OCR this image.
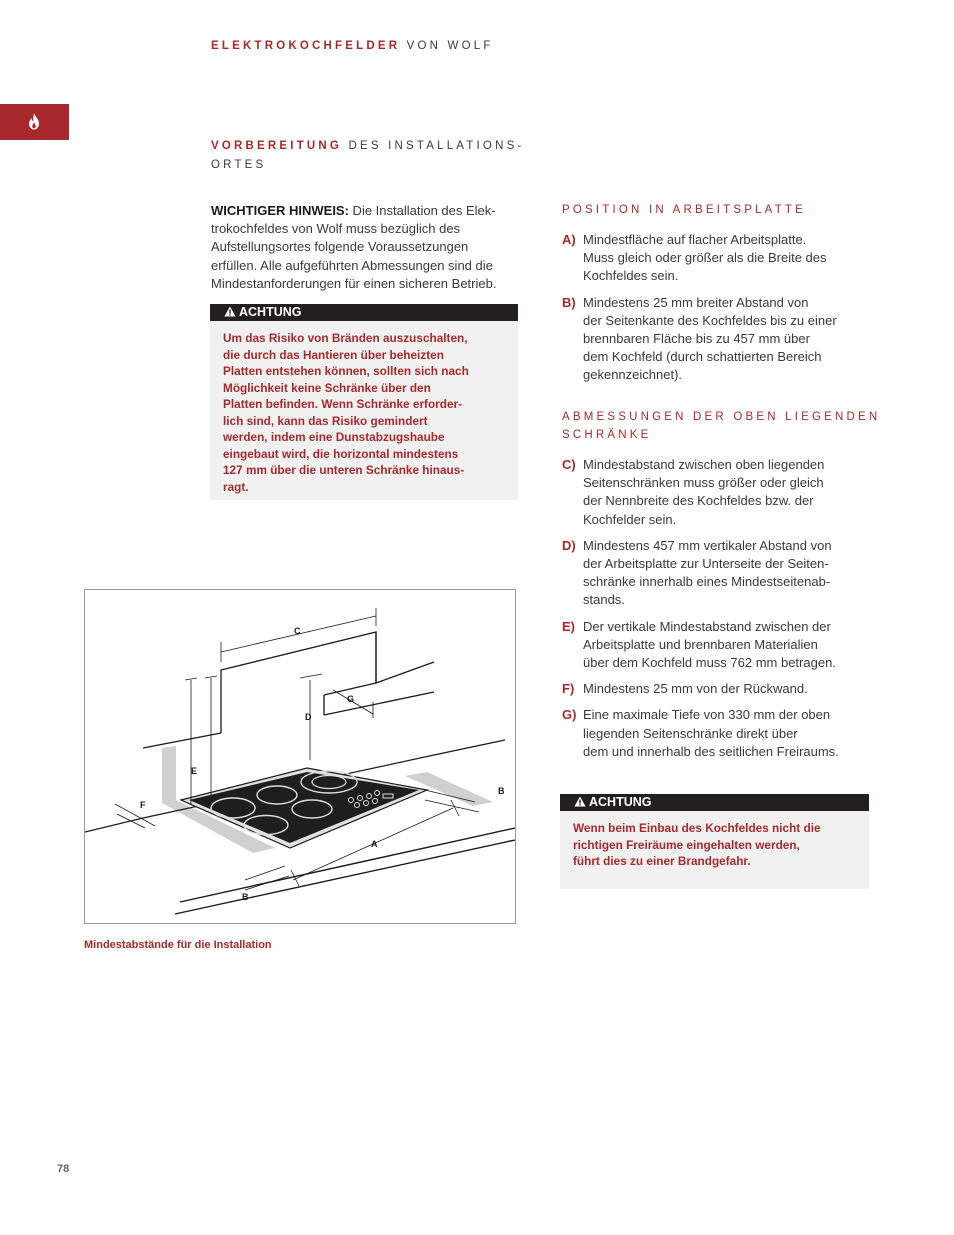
ELEKTROKOCHFELDER VON WOLF
VORBEREITUNG DES INSTALLATIONS-
ORTES
WICHTIGER HINWEIS: Die Installation des Elek-
trokochfeldes von Wolf muss bezüglich des
Aufstellungsortes folgende Voraussetzungen
erfüllen. Alle aufgeführten Abmessungen sind die
Mindestanforderungen für einen sicheren Betrieb.
ACHTUNG
Um das Risiko von Bränden auszuschalten,
die durch das Hantieren über beheizten
Platten entstehen können, sollten sich nach
Möglichkeit keine Schränke über den
Platten befinden. Wenn Schränke erforder-
lich sind, kann das Risiko gemindert
werden, indem eine Dunstabzugshaube
eingebaut wird, die horizontal mindestens
127 mm über die unteren Schränke hinaus-
ragt.
POSITION IN ARBEITSPLATTE
A) Mindestfläche auf flacher Arbeitsplatte.
Muss gleich oder größer als die Breite des
Kochfeldes sein.
B) Mindestens 25 mm breiter Abstand von
der Seitenkante des Kochfeldes bis zu einer
brennbaren Fläche bis zu 457 mm über
dem Kochfeld (durch schattierten Bereich
gekennzeichnet).
ABMESSUNGEN DER OBEN LIEGENDEN
SCHRÄNKE
C) Mindestabstand zwischen oben liegenden
Seitenschränken muss größer oder gleich
der Nennbreite des Kochfeldes bzw. der
Kochfelder sein.
D) Mindestens 457 mm vertikaler Abstand von
der Arbeitsplatte zur Unterseite der Seiten-
schränke innerhalb eines Mindestseitenab-
stands.
E) Der vertikale Mindestabstand zwischen der
Arbeitsplatte und brennbaren Materialien
über dem Kochfeld muss 762 mm betragen.
F) Mindestens 25 mm von der Rückwand.
G) Eine maximale Tiefe von 330 mm der oben
liegenden Seitenschränke direkt über
dem und innerhalb des seitlichen Freiraums.
ACHTUNG
Wenn beim Einbau des Kochfeldes nicht die
richtigen Freiräume eingehalten werden,
führt dies zu einer Brandgefahr.
C
G
D
E
F
B
A
B
Mindestabstände für die Installation
78
